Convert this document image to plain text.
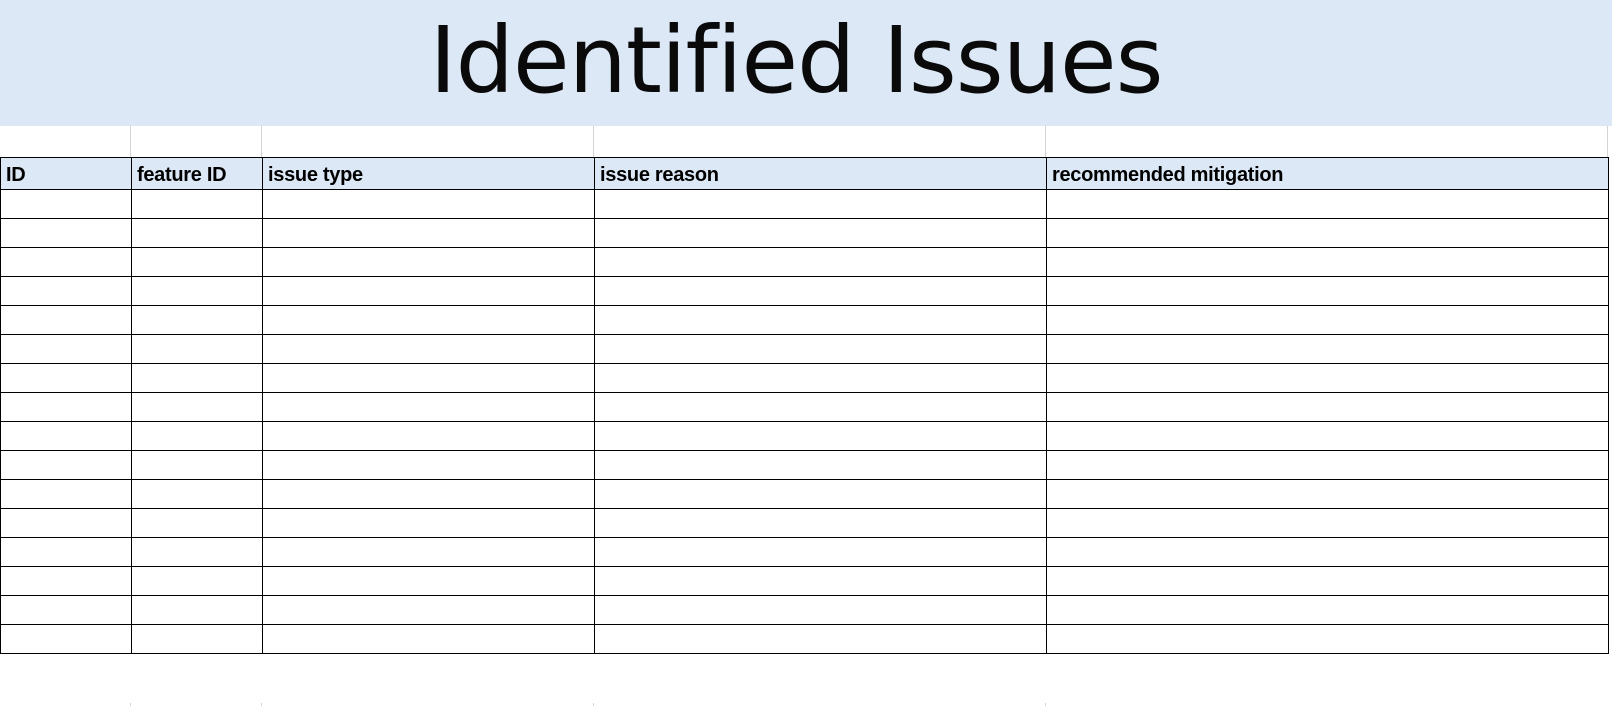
Identified Issues
ID	feature ID	issue type	issue reason	recommended mitigation
